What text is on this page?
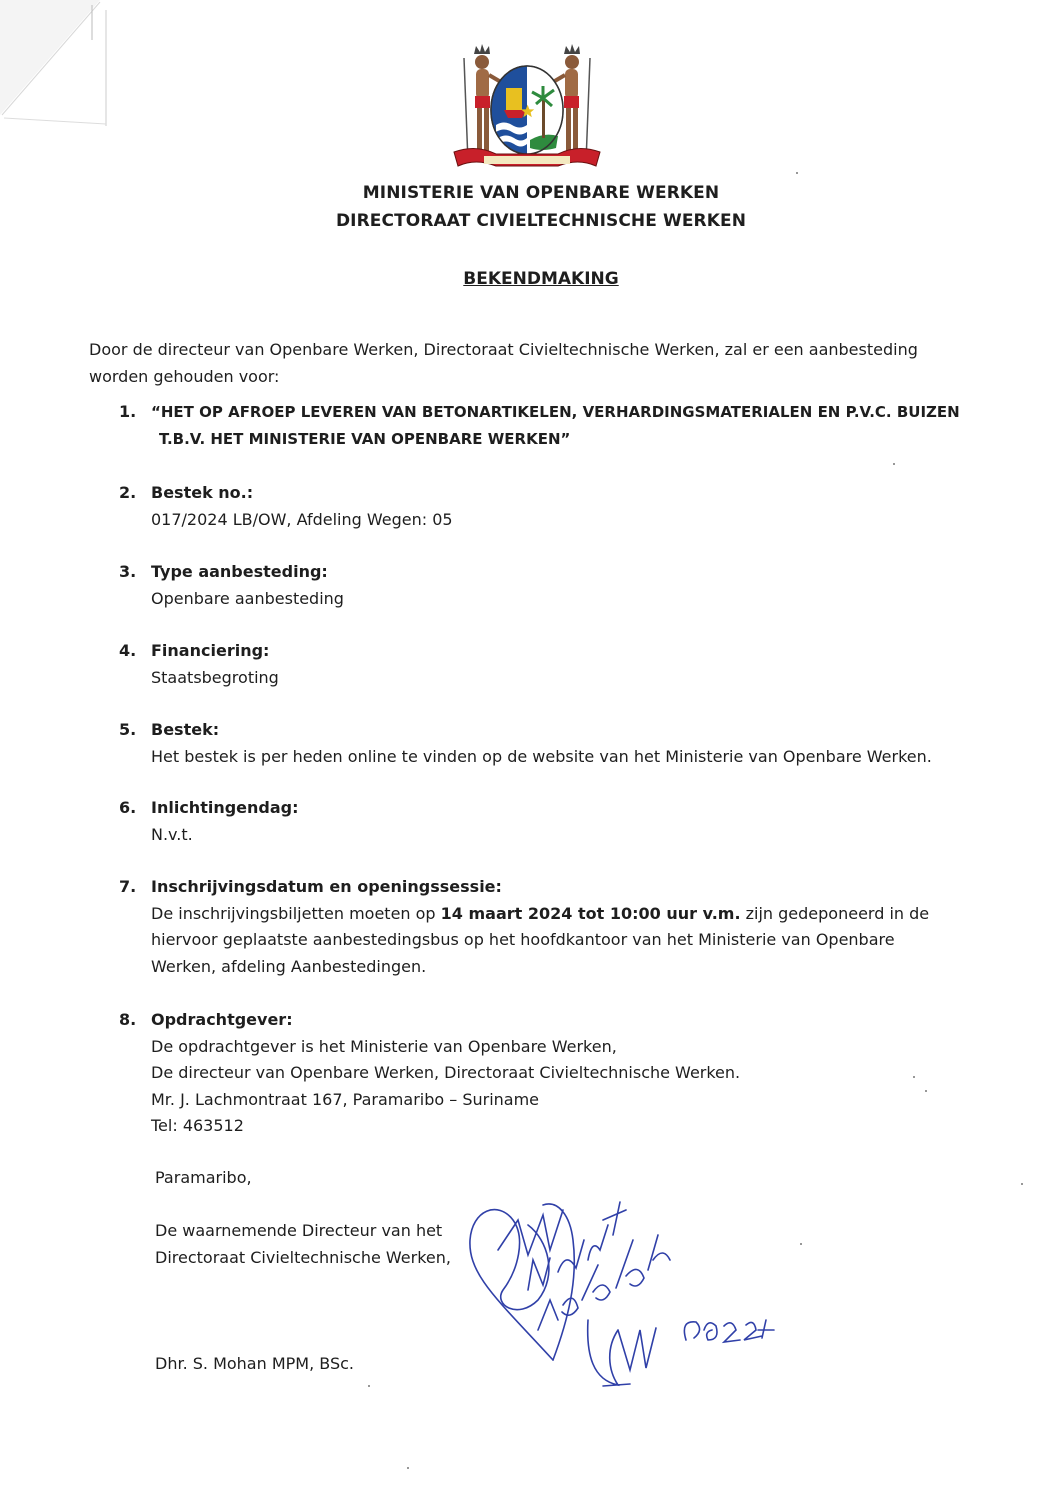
MINISTERIE VAN OPENBARE WERKEN
DIRECTORAAT CIVIELTECHNISCHE WERKEN
BEKENDMAKING
Door de directeur van Openbare Werken, Directoraat Civieltechnische Werken, zal er een aanbesteding
worden gehouden voor:
1. “HET OP AFROEP LEVEREN VAN BETONARTIKELEN, VERHARDINGSMATERIALEN EN P.V.C. BUIZEN
T.B.V. HET MINISTERIE VAN OPENBARE WERKEN”
2. Bestek no.:
017/2024 LB/OW, Afdeling Wegen: 05
3. Type aanbesteding:
Openbare aanbesteding
4. Financiering:
Staatsbegroting
5. Bestek:
Het bestek is per heden online te vinden op de website van het Ministerie van Openbare Werken.
6. Inlichtingendag:
N.v.t.
7. Inschrijvingsdatum en openingssessie:
De inschrijvingsbiljetten moeten op 14 maart 2024 tot 10:00 uur v.m. zijn gedeponeerd in de
hiervoor geplaatste aanbestedingsbus op het hoofdkantoor van het Ministerie van Openbare
Werken, afdeling Aanbestedingen.
8. Opdrachtgever:
De opdrachtgever is het Ministerie van Openbare Werken,
De directeur van Openbare Werken, Directoraat Civieltechnische Werken.
Mr. J. Lachmontraat 167, Paramaribo – Suriname
Tel: 463512
Paramaribo,
De waarnemende Directeur van het
Directoraat Civieltechnische Werken,
Dhr. S. Mohan MPM, BSc.
